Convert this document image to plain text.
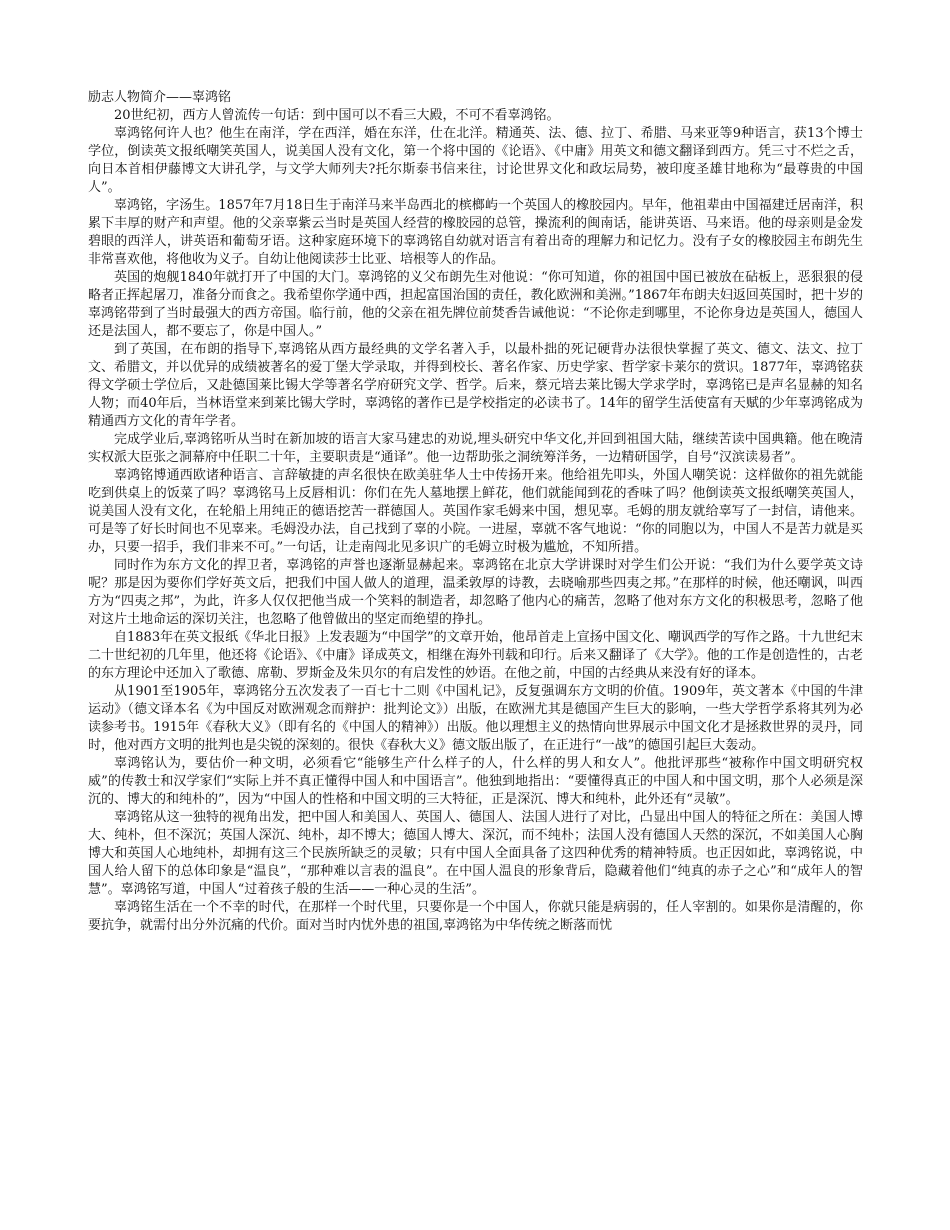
励志人物简介——辜鸿铭

20世纪初，西方人曾流传一句话：到中国可以不看三大殿，不可不看辜鸿铭。

辜鸿铭何许人也？他生在南洋，学在西洋，婚在东洋，仕在北洋。精通英、法、德、拉丁、希腊、马来亚等9种语言，获13个博士学位，倒读英文报纸嘲笑英国人，说美国人没有文化，第一个将中国的《论语》、《中庸》用英文和德文翻译到西方。凭三寸不烂之舌，向日本首相伊藤博文大讲孔学，与文学大师列夫?托尔斯泰书信来往，讨论世界文化和政坛局势，被印度圣雄甘地称为“最尊贵的中国人”。

辜鸿铭，字汤生。1857年7月18日生于南洋马来半岛西北的槟榔屿一个英国人的橡胶园内。早年，他祖辈由中国福建迁居南洋，积累下丰厚的财产和声望。他的父亲辜紫云当时是英国人经营的橡胶园的总管，操流利的闽南话，能讲英语、马来语。他的母亲则是金发碧眼的西洋人，讲英语和葡萄牙语。这种家庭环境下的辜鸿铭自幼就对语言有着出奇的理解力和记忆力。没有子女的橡胶园主布朗先生非常喜欢他，将他收为义子。自幼让他阅读莎士比亚、培根等人的作品。

英国的炮舰1840年就打开了中国的大门。辜鸿铭的义父布朗先生对他说：“你可知道，你的祖国中国已被放在砧板上，恶狠狠的侵略者正挥起屠刀，准备分而食之。我希望你学通中西，担起富国治国的责任，教化欧洲和美洲。”1867年布朗夫妇返回英国时，把十岁的辜鸿铭带到了当时最强大的西方帝国。临行前，他的父亲在祖先牌位前焚香告诫他说：“不论你走到哪里，不论你身边是英国人，德国人还是法国人，都不要忘了，你是中国人。”

到了英国，在布朗的指导下,辜鸿铭从西方最经典的文学名著入手，以最朴拙的死记硬背办法很快掌握了英文、德文、法文、拉丁文、希腊文，并以优异的成绩被著名的爱丁堡大学录取，并得到校长、著名作家、历史学家、哲学家卡莱尔的赏识。1877年，辜鸿铭获得文学硕士学位后，又赴德国莱比锡大学等著名学府研究文学、哲学。后来，蔡元培去莱比锡大学求学时，辜鸿铭已是声名显赫的知名人物；而40年后，当林语堂来到莱比锡大学时，辜鸿铭的著作已是学校指定的必读书了。14年的留学生活使富有天赋的少年辜鸿铭成为精通西方文化的青年学者。

完成学业后,辜鸿铭听从当时在新加坡的语言大家马建忠的劝说,埋头研究中华文化,并回到祖国大陆，继续苦读中国典籍。他在晚清实权派大臣张之洞幕府中任职二十年，主要职责是“通译”。他一边帮助张之洞统筹洋务，一边精研国学，自号“汉滨读易者”。

辜鸿铭博通西欧诸种语言、言辞敏捷的声名很快在欧美驻华人士中传扬开来。他给祖先叩头，外国人嘲笑说：这样做你的祖先就能吃到供桌上的饭菜了吗？辜鸿铭马上反唇相讥：你们在先人墓地摆上鲜花，他们就能闻到花的香味了吗？他倒读英文报纸嘲笑英国人，说美国人没有文化，在轮船上用纯正的德语挖苦一群德国人。英国作家毛姆来中国，想见辜。毛姆的朋友就给辜写了一封信，请他来。可是等了好长时间也不见辜来。毛姆没办法，自己找到了辜的小院。一进屋，辜就不客气地说：“你的同胞以为，中国人不是苦力就是买办，只要一招手，我们非来不可。”一句话，让走南闯北见多识广的毛姆立时极为尴尬，不知所措。

同时作为东方文化的捍卫者，辜鸿铭的声誉也逐渐显赫起来。辜鸿铭在北京大学讲课时对学生们公开说：“我们为什么要学英文诗呢？那是因为要你们学好英文后，把我们中国人做人的道理，温柔敦厚的诗教，去晓喻那些四夷之邦。”在那样的时候，他还嘲讽，叫西方为“四夷之邦”，为此，许多人仅仅把他当成一个笑料的制造者，却忽略了他内心的痛苦，忽略了他对东方文化的积极思考，忽略了他对这片土地命运的深切关注，也忽略了他曾做出的坚定而绝望的挣扎。

自1883年在英文报纸《华北日报》上发表题为“中国学”的文章开始，他昂首走上宣扬中国文化、嘲讽西学的写作之路。十九世纪末二十世纪初的几年里，他还将《论语》、《中庸》译成英文，相继在海外刊载和印行。后来又翻译了《大学》。他的工作是创造性的，古老的东方理论中还加入了歌德、席勒、罗斯金及朱贝尔的有启发性的妙语。在他之前，中国的古经典从来没有好的译本。

从1901至1905年，辜鸿铭分五次发表了一百七十二则《中国札记》，反复强调东方文明的价值。1909年，英文著本《中国的牛津运动》（德文译本名《为中国反对欧洲观念而辩护：批判论文》）出版，在欧洲尤其是德国产生巨大的影响，一些大学哲学系将其列为必读参考书。1915年《春秋大义》（即有名的《中国人的精神》）出版。他以理想主义的热情向世界展示中国文化才是拯救世界的灵丹，同时，他对西方文明的批判也是尖锐的深刻的。很快《春秋大义》德文版出版了，在正进行“一战”的德国引起巨大轰动。

辜鸿铭认为，要估价一种文明，必须看它“能够生产什么样子的人，什么样的男人和女人”。他批评那些“被称作中国文明研究权威”的传教士和汉学家们“实际上并不真正懂得中国人和中国语言”。他独到地指出：“要懂得真正的中国人和中国文明，那个人必须是深沉的、博大的和纯朴的”，因为“中国人的性格和中国文明的三大特征，正是深沉、博大和纯朴，此外还有“灵敏”。

辜鸿铭从这一独特的视角出发，把中国人和美国人、英国人、德国人、法国人进行了对比，凸显出中国人的特征之所在：美国人博大、纯朴，但不深沉；英国人深沉、纯朴，却不博大；德国人博大、深沉，而不纯朴；法国人没有德国人天然的深沉，不如美国人心胸博大和英国人心地纯朴，却拥有这三个民族所缺乏的灵敏；只有中国人全面具备了这四种优秀的精神特质。也正因如此，辜鸿铭说，中国人给人留下的总体印象是“温良”，“那种难以言表的温良”。在中国人温良的形象背后，隐藏着他们“纯真的赤子之心”和“成年人的智慧”。辜鸿铭写道，中国人“过着孩子般的生活——一种心灵的生活”。

辜鸿铭生活在一个不幸的时代，在那样一个时代里，只要你是一个中国人，你就只能是病弱的，任人宰割的。如果你是清醒的，你要抗争，就需付出分外沉痛的代价。面对当时内忧外患的祖国,辜鸿铭为中华传统之断落而忧
